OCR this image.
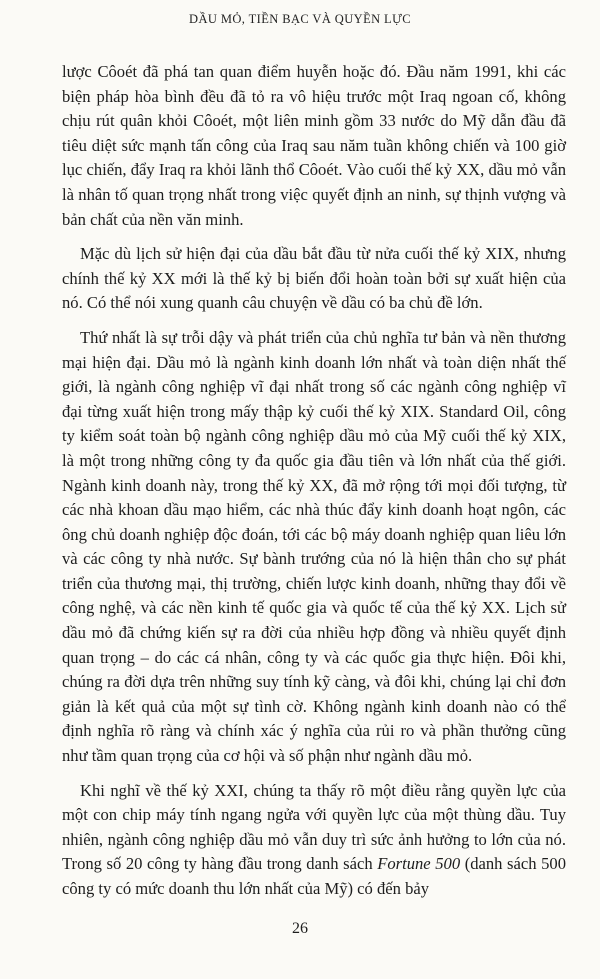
DẦU MỎ, TIỀN BẠC VÀ QUYỀN LỰC

lược Côoét đã phá tan quan điểm huyễn hoặc đó. Đầu năm 1991, khi các biện pháp hòa bình đều đã tỏ ra vô hiệu trước một Iraq ngoan cố, không chịu rút quân khỏi Côoét, một liên minh gồm 33 nước do Mỹ dẫn đầu đã tiêu diệt sức mạnh tấn công của Iraq sau năm tuần không chiến và 100 giờ lục chiến, đẩy Iraq ra khỏi lãnh thổ Côoét. Vào cuối thế kỷ XX, dầu mỏ vẫn là nhân tố quan trọng nhất trong việc quyết định an ninh, sự thịnh vượng và bản chất của nền văn minh.

Mặc dù lịch sử hiện đại của dầu bắt đầu từ nửa cuối thế kỷ XIX, nhưng chính thế kỷ XX mới là thế kỷ bị biến đổi hoàn toàn bởi sự xuất hiện của nó. Có thể nói xung quanh câu chuyện về dầu có ba chủ đề lớn.

Thứ nhất là sự trỗi dậy và phát triển của chủ nghĩa tư bản và nền thương mại hiện đại. Dầu mỏ là ngành kinh doanh lớn nhất và toàn diện nhất thế giới, là ngành công nghiệp vĩ đại nhất trong số các ngành công nghiệp vĩ đại từng xuất hiện trong mấy thập kỷ cuối thế kỷ XIX. Standard Oil, công ty kiểm soát toàn bộ ngành công nghiệp dầu mỏ của Mỹ cuối thế kỷ XIX, là một trong những công ty đa quốc gia đầu tiên và lớn nhất của thế giới. Ngành kinh doanh này, trong thế kỷ XX, đã mở rộng tới mọi đối tượng, từ các nhà khoan dầu mạo hiểm, các nhà thúc đẩy kinh doanh hoạt ngôn, các ông chủ doanh nghiệp độc đoán, tới các bộ máy doanh nghiệp quan liêu lớn và các công ty nhà nước. Sự bành trướng của nó là hiện thân cho sự phát triển của thương mại, thị trường, chiến lược kinh doanh, những thay đổi về công nghệ, và các nền kinh tế quốc gia và quốc tế của thế kỷ XX. Lịch sử dầu mỏ đã chứng kiến sự ra đời của nhiều hợp đồng và nhiều quyết định quan trọng – do các cá nhân, công ty và các quốc gia thực hiện. Đôi khi, chúng ra đời dựa trên những suy tính kỹ càng, và đôi khi, chúng lại chỉ đơn giản là kết quả của một sự tình cờ. Không ngành kinh doanh nào có thể định nghĩa rõ ràng và chính xác ý nghĩa của rủi ro và phần thưởng cũng như tầm quan trọng của cơ hội và số phận như ngành dầu mỏ.

Khi nghĩ về thế kỷ XXI, chúng ta thấy rõ một điều rằng quyền lực của một con chip máy tính ngang ngửa với quyền lực của một thùng dầu. Tuy nhiên, ngành công nghiệp dầu mỏ vẫn duy trì sức ảnh hưởng to lớn của nó. Trong số 20 công ty hàng đầu trong danh sách Fortune 500 (danh sách 500 công ty có mức doanh thu lớn nhất của Mỹ) có đến bảy

26
